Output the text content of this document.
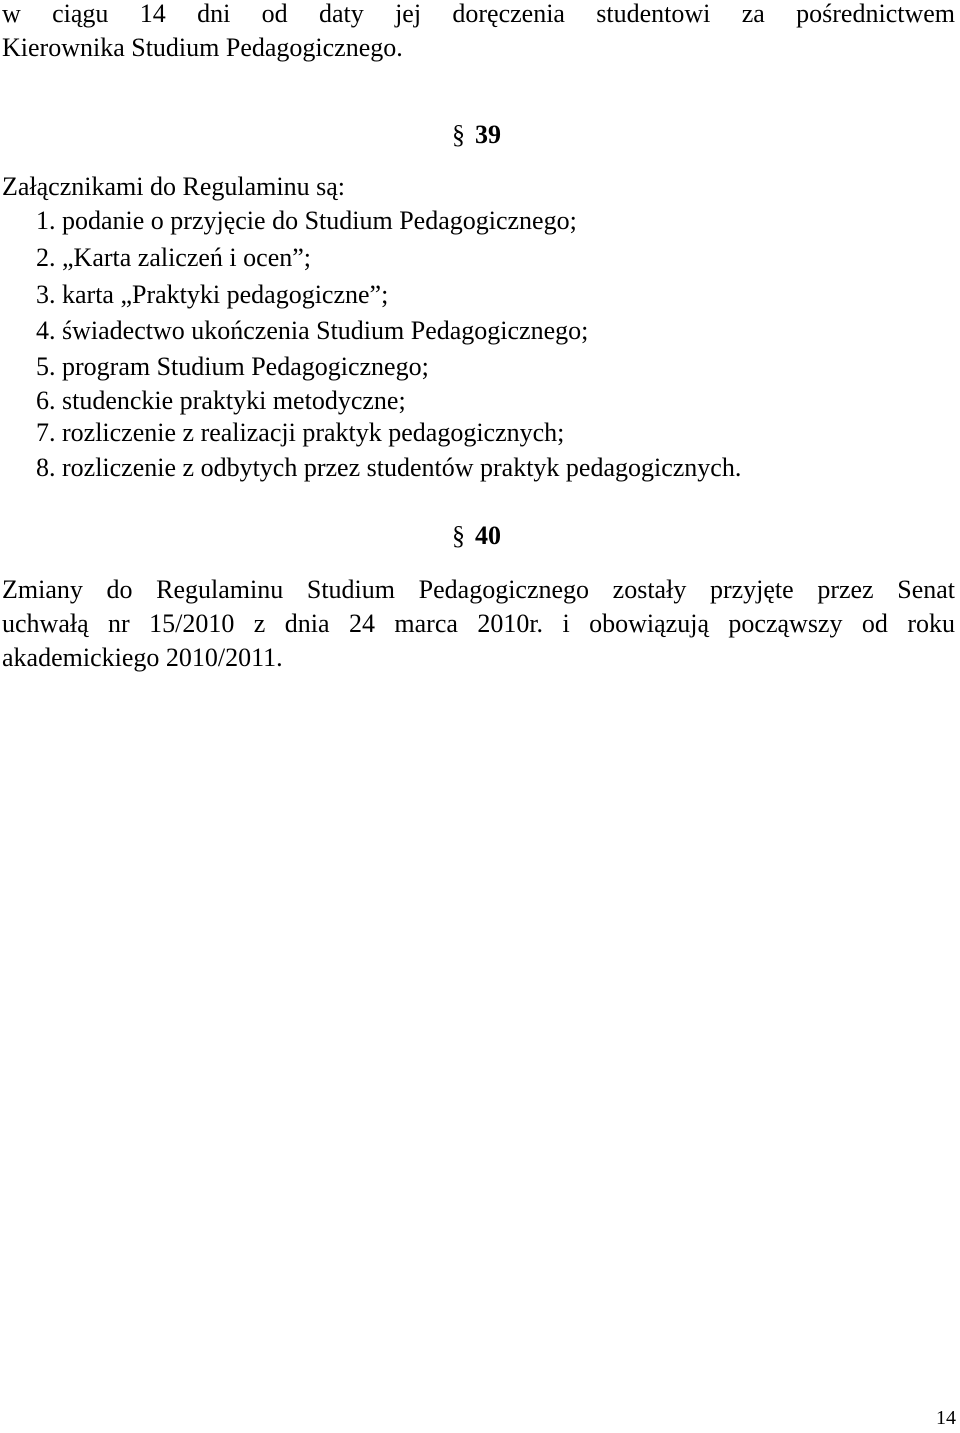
w ciągu 14 dni od daty jej doręczenia studentowi za pośrednictwem
Kierownika Studium Pedagogicznego.
§ 39
Załącznikami do Regulaminu są:
1. podanie o przyjęcie do Studium Pedagogicznego;
2. „Karta zaliczeń i ocen”;
3. karta „Praktyki pedagogiczne”;
4. świadectwo ukończenia Studium Pedagogicznego;
5. program Studium Pedagogicznego;
6. studenckie praktyki metodyczne;
7. rozliczenie z realizacji praktyk pedagogicznych;
8. rozliczenie z odbytych przez studentów praktyk pedagogicznych.
§ 40
Zmiany do Regulaminu Studium Pedagogicznego zostały przyjęte przez Senat
uchwałą nr 15/2010 z dnia 24 marca 2010r. i obowiązują począwszy od roku
akademickiego 2010/2011.
14
